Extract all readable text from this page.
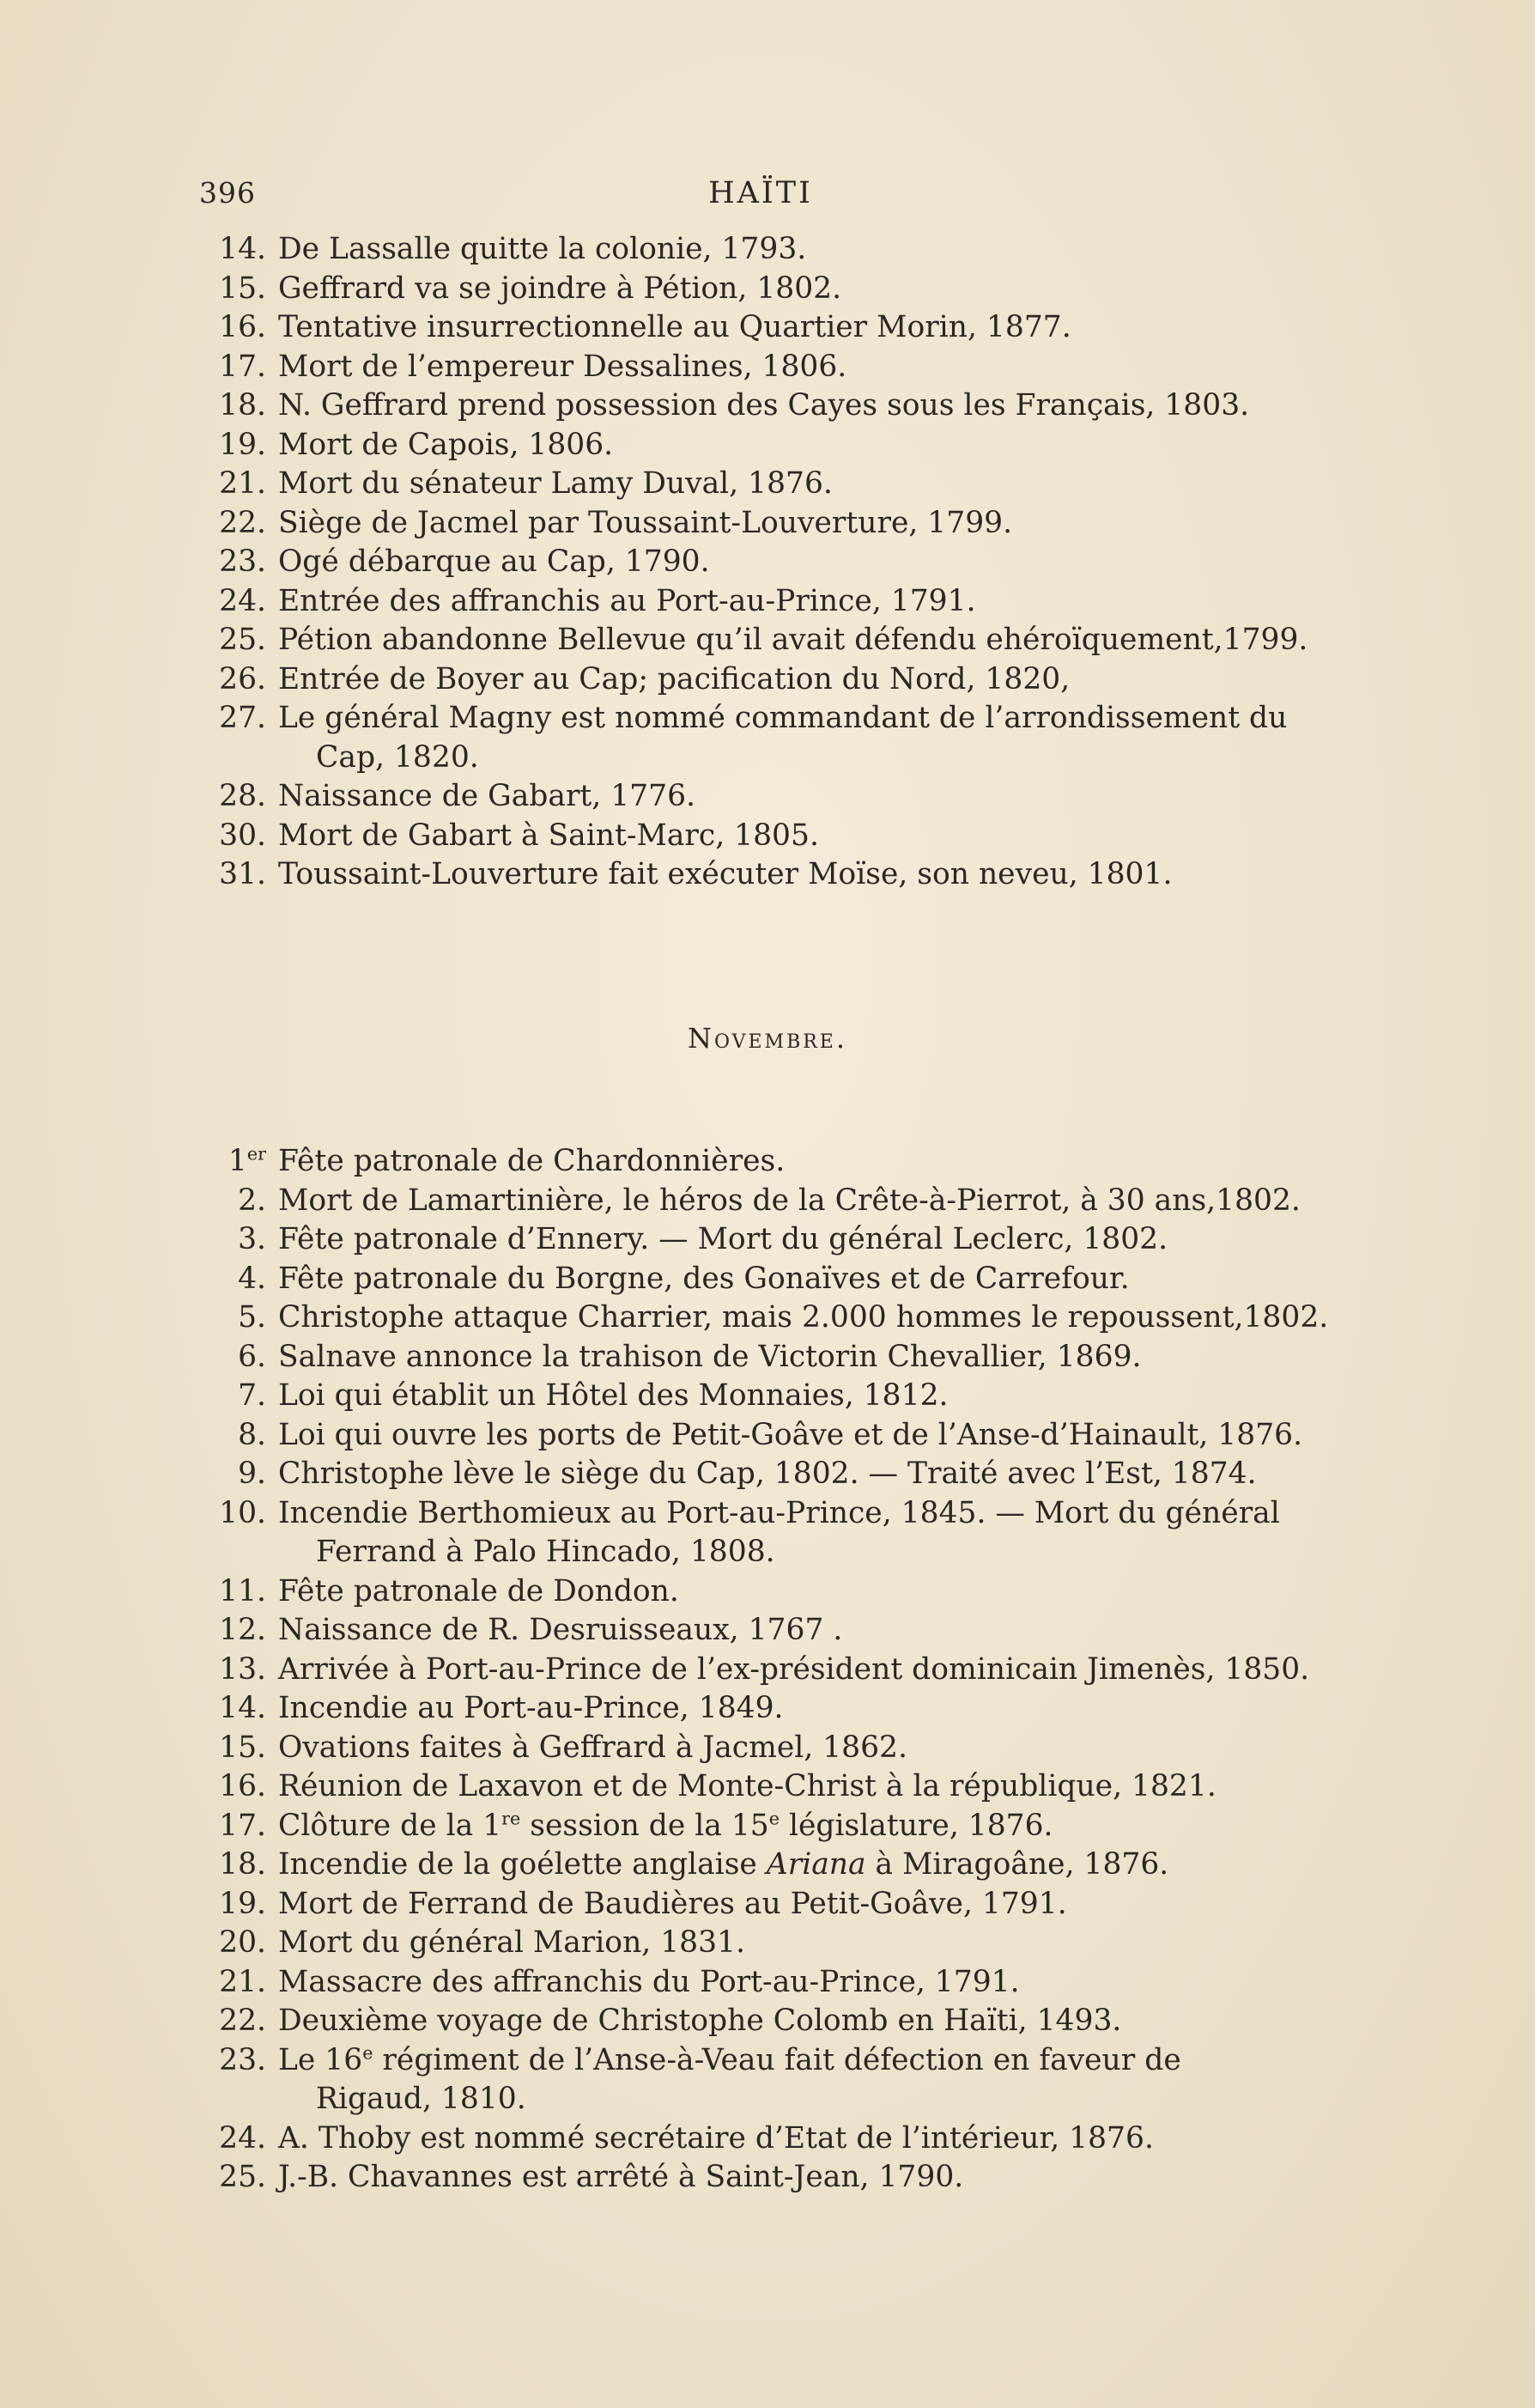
396	HAÏTI
14. De Lassalle quitte la colonie, 1793.
15. Geffrard va se joindre à Pétion, 1802.
16. Tentative insurrectionnelle au Quartier Morin, 1877.
17. Mort de l’empereur Dessalines, 1806.
18. N. Geffrard prend possession des Cayes sous les Français, 1803.
19. Mort de Capois, 1806.
21. Mort du sénateur Lamy Duval, 1876.
22. Siège de Jacmel par Toussaint-Louverture, 1799.
23. Ogé débarque au Cap, 1790.
24. Entrée des affranchis au Port-au-Prince, 1791.
25. Pétion abandonne Bellevue qu’il avait défendu ehéroïquement,1799.
26. Entrée de Boyer au Cap; pacification du Nord, 1820,
27. Le général Magny est nommé commandant de l’arrondissement du
Cap, 1820.
28. Naissance de Gabart, 1776.
30. Mort de Gabart à Saint-Marc, 1805.
31. Toussaint-Louverture fait exécuter Moïse, son neveu, 1801.
Novembre.
1er Fête patronale de Chardonnières.
2. Mort de Lamartinière, le héros de la Crête-à-Pierrot, à 30 ans,1802.
3. Fête patronale d’Ennery. — Mort du général Leclerc, 1802.
4. Fête patronale du Borgne, des Gonaïves et de Carrefour.
5. Christophe attaque Charrier, mais 2.000 hommes le repoussent,1802.
6. Salnave annonce la trahison de Victorin Chevallier, 1869.
7. Loi qui établit un Hôtel des Monnaies, 1812.
8. Loi qui ouvre les ports de Petit-Goâve et de l’Anse-d’Hainault, 1876.
9. Christophe lève le siège du Cap, 1802. — Traité avec l’Est, 1874.
10. Incendie Berthomieux au Port-au-Prince, 1845. — Mort du général
Ferrand à Palo Hincado, 1808.
11. Fête patronale de Dondon.
12. Naissance de R. Desruisseaux, 1767 .
13. Arrivée à Port-au-Prince de l’ex-président dominicain Jimenès, 1850.
14. Incendie au Port-au-Prince, 1849.
15. Ovations faites à Geffrard à Jacmel, 1862.
16. Réunion de Laxavon et de Monte-Christ à la république, 1821.
17. Clôture de la 1re session de la 15e législature, 1876.
18. Incendie de la goélette anglaise Ariana à Miragoâne, 1876.
19. Mort de Ferrand de Baudières au Petit-Goâve, 1791.
20. Mort du général Marion, 1831.
21. Massacre des affranchis du Port-au-Prince, 1791.
22. Deuxième voyage de Christophe Colomb en Haïti, 1493.
23. Le 16e régiment de l’Anse-à-Veau fait défection en faveur de
Rigaud, 1810.
24. A. Thoby est nommé secrétaire d’Etat de l’intérieur, 1876.
25. J.-B. Chavannes est arrêté à Saint-Jean, 1790.
